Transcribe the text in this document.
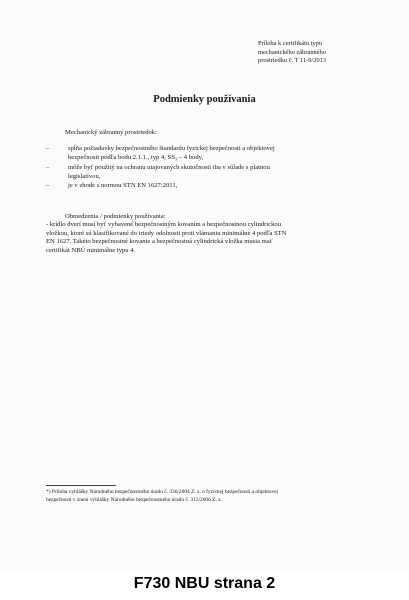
Príloha k certifikátu typu
mechanického zábranného
prostriedku č. T 11-9/2013
Podmienky používania
Mechanický zábranný prostriedok:
–	spĺňa požiadavky bezpečnostného štandardu fyzickej bezpečnosti a objektovej
bezpečnosti podľa bodu 2.1.1., typ 4, SS₃ – 4 body,
–	môže byť použitý na ochranu utajovaných skutočností iba v súlade s platnou
legislatívou,
–	je v zhode s normou STN EN 1627:2011,
Obmedzenia / podmienky používania:
- krídlo dverí musí byť vybavené bezpečnostným kovaním a bezpečnostnou cylindrickou
vložkou, ktoré sú klasifikované do triedy odolnosti proti vlámaniu minimálne 4 podľa STN
EN 1627. Takéto bezpečnostné kovanie a bezpečnostná cylindrická vložka musia mať
certifikát NBÚ minimálne typu 4.
*) Príloha vyhlášky Národného bezpečnostného úradu č. 336/2004 Z. z. o fyzickej bezpečnosti a objektovej
bezpečnosti v znení vyhlášky Národného bezpečnostného úradu č. 315/2006 Z. z.
F730 NBU strana 2
